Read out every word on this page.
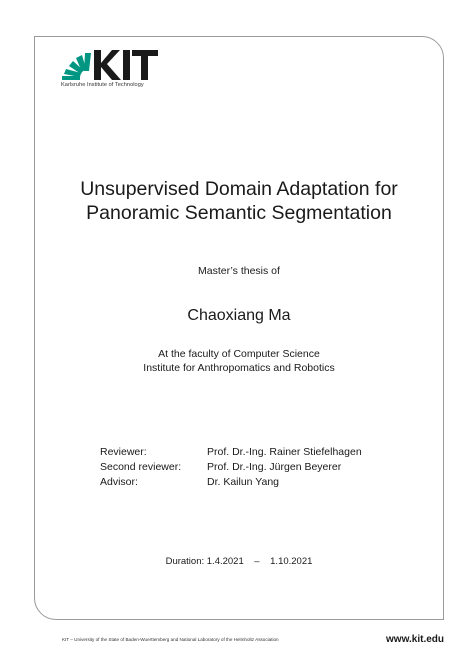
Karlsruhe Institute of Technology
Unsupervised Domain Adaptation for
Panoramic Semantic Segmentation
Master’s thesis of
Chaoxiang Ma
At the faculty of Computer Science
Institute for Anthropomatics and Robotics
Reviewer:	Prof. Dr.-Ing. Rainer Stiefelhagen
Second reviewer:	Prof. Dr.-Ing. Jürgen Beyerer
Advisor:	Dr. Kailun Yang
Duration: 1.4.2021    –    1.10.2021
KIT – University of the State of Baden-Wuerttemberg and National Laboratory of the Helmholtz Association	www.kit.edu
